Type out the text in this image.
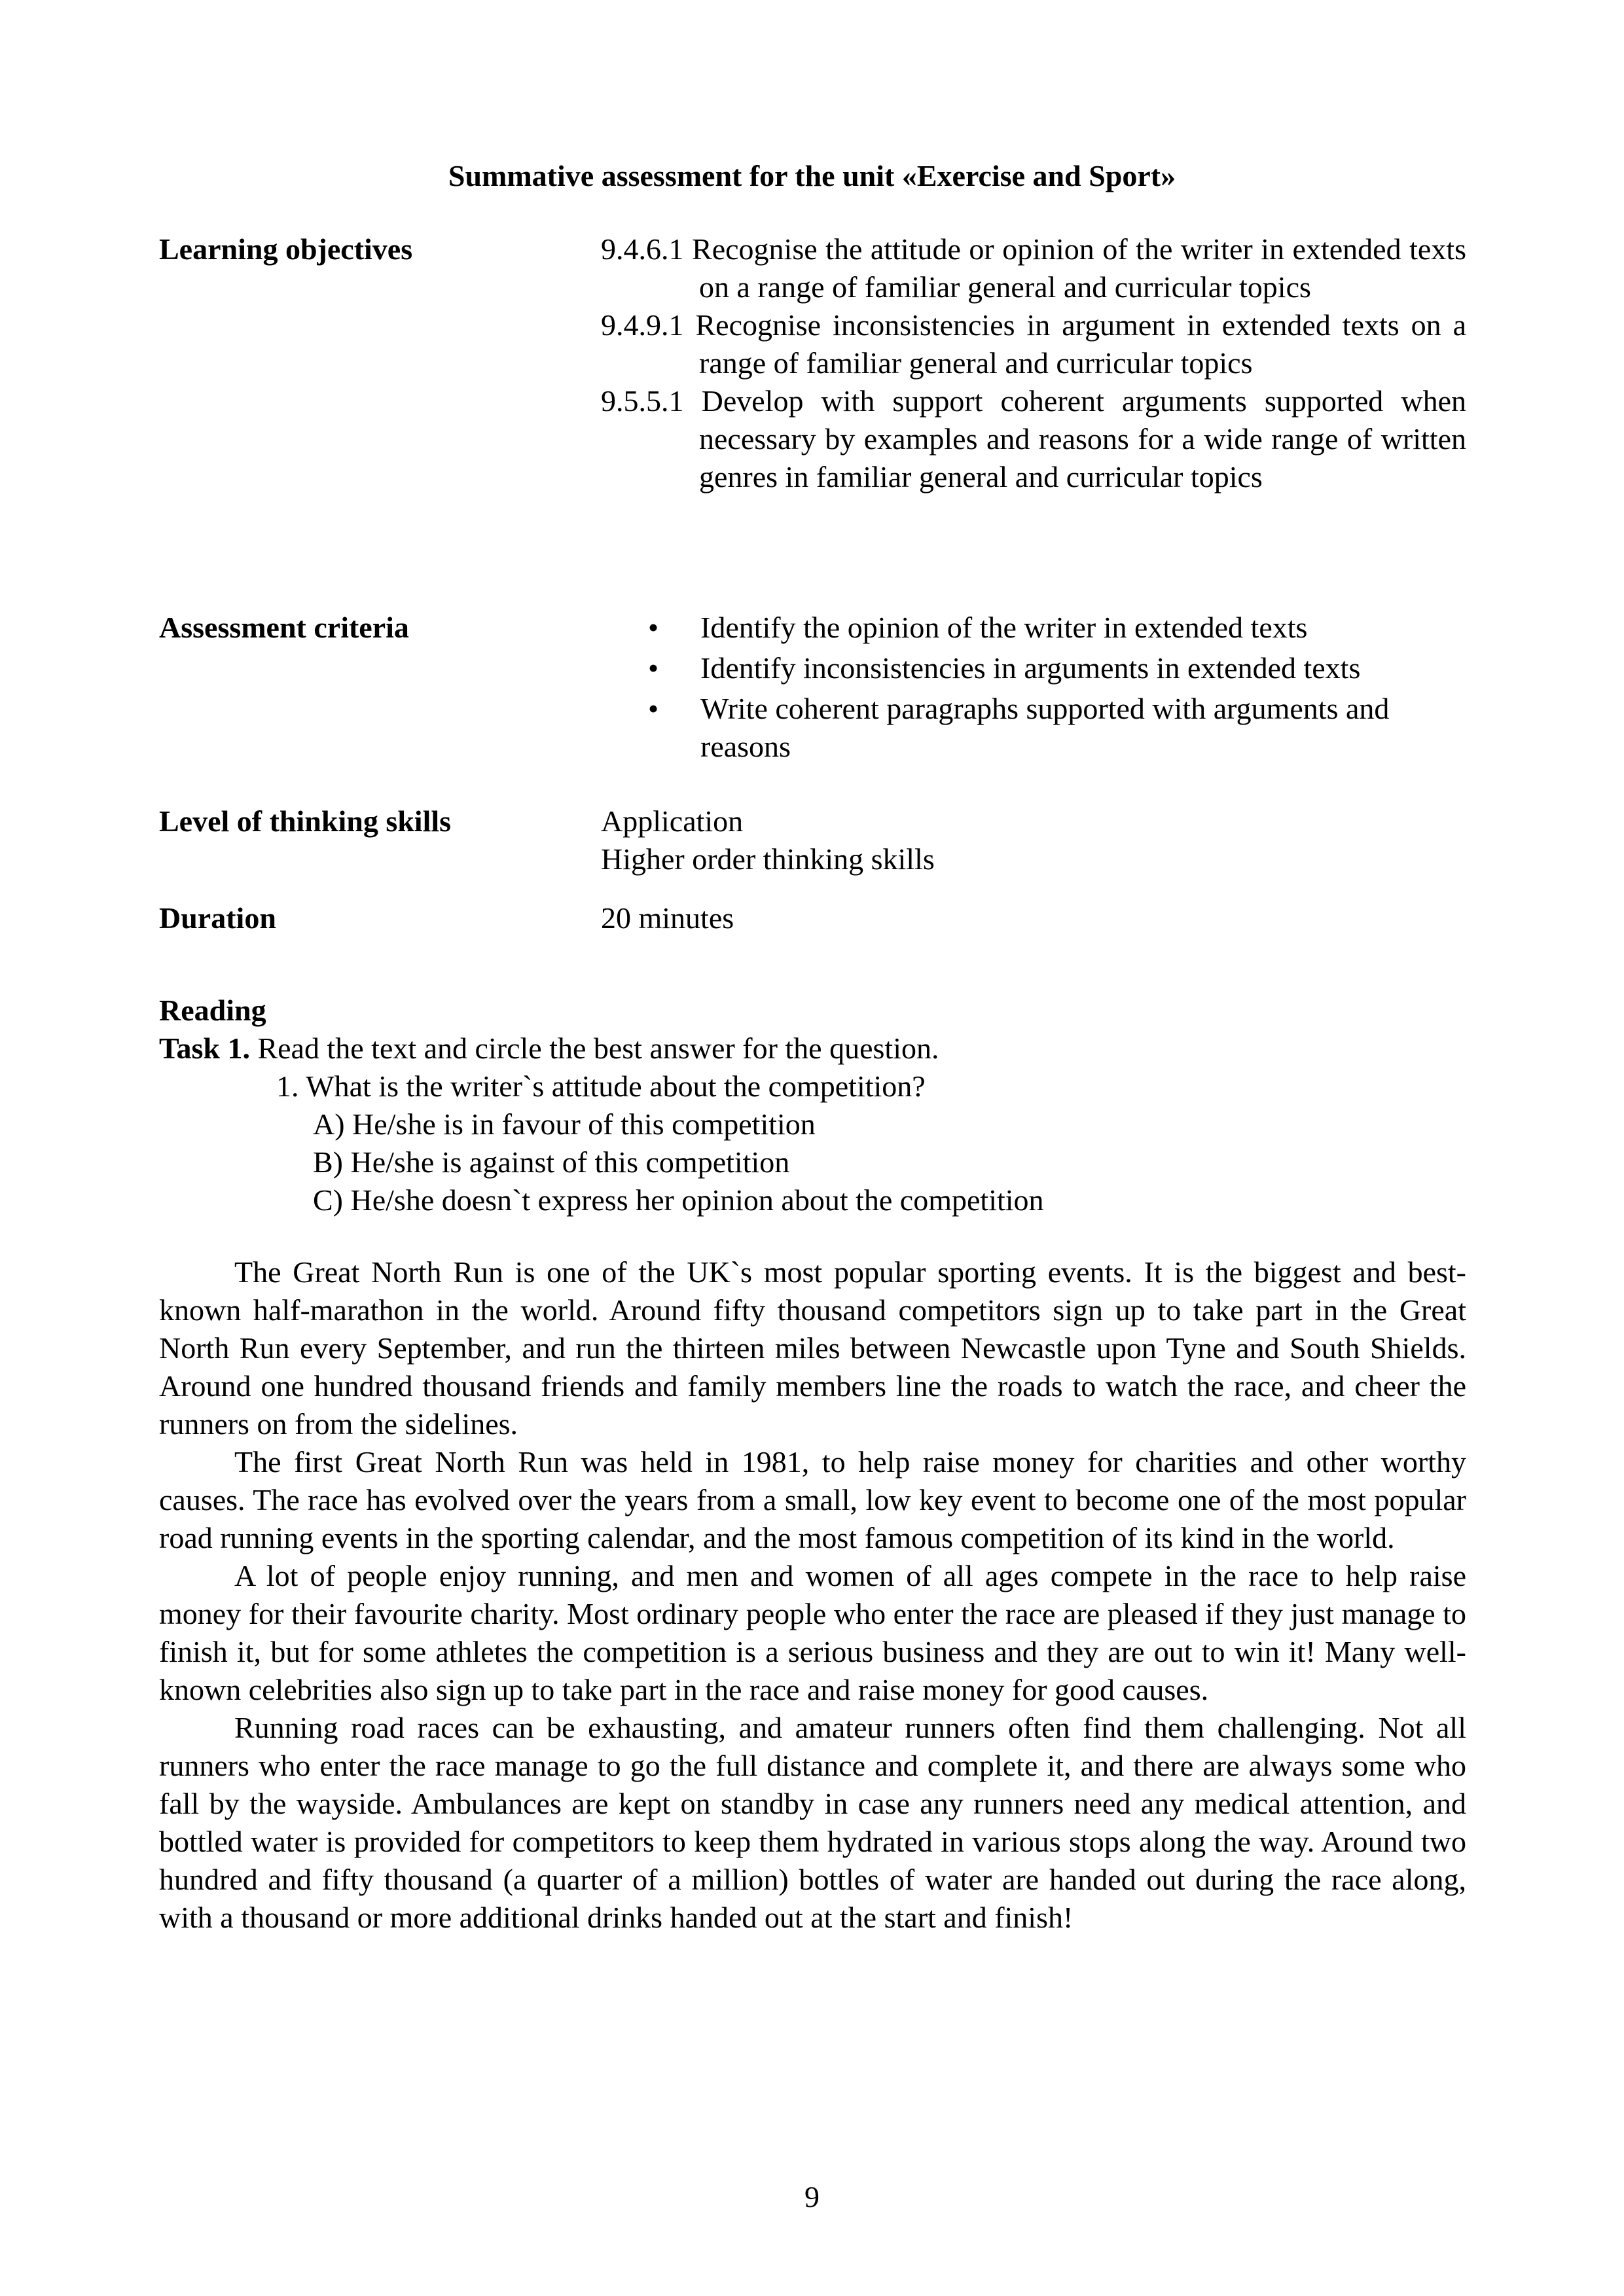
Summative assessment for the unit «Exercise and Sport»
Learning objectives	9.4.6.1 Recognise the attitude or opinion of the writer in extended texts on a range of familiar general and curricular topics

9.4.9.1 Recognise inconsistencies in argument in extended texts on a range of familiar general and curricular topics

9.5.5.1 Develop with support coherent arguments supported when necessary by examples and reasons for a wide range of written genres in familiar general and curricular topics

Assessment criteria	• Identify the opinion of the writer in extended texts
• Identify inconsistencies in arguments in extended texts
• Write coherent paragraphs supported with arguments and reasons
Level of thinking skills	Application
Higher order thinking skills
Duration	20 minutes
Reading
Task 1. Read the text and circle the best answer for the question.
1. What is the writer`s attitude about the competition?
A) He/she is in favour of this competition
B) He/she is against of this competition
C) He/she doesn`t express her opinion about the competition

The Great North Run is one of the UK`s most popular sporting events. It is the biggest and best-known half-marathon in the world. Around fifty thousand competitors sign up to take part in the Great North Run every September, and run the thirteen miles between Newcastle upon Tyne and South Shields. Around one hundred thousand friends and family members line the roads to watch the race, and cheer the runners on from the sidelines.

The first Great North Run was held in 1981, to help raise money for charities and other worthy causes. The race has evolved over the years from a small, low key event to become one of the most popular road running events in the sporting calendar, and the most famous competition of its kind in the world.

A lot of people enjoy running, and men and women of all ages compete in the race to help raise money for their favourite charity. Most ordinary people who enter the race are pleased if they just manage to finish it, but for some athletes the competition is a serious business and they are out to win it! Many well-known celebrities also sign up to take part in the race and raise money for good causes.

Running road races can be exhausting, and amateur runners often find them challenging. Not all runners who enter the race manage to go the full distance and complete it, and there are always some who fall by the wayside. Ambulances are kept on standby in case any runners need any medical attention, and bottled water is provided for competitors to keep them hydrated in various stops along the way. Around two hundred and fifty thousand (a quarter of a million) bottles of water are handed out during the race along, with a thousand or more additional drinks handed out at the start and finish!

9
